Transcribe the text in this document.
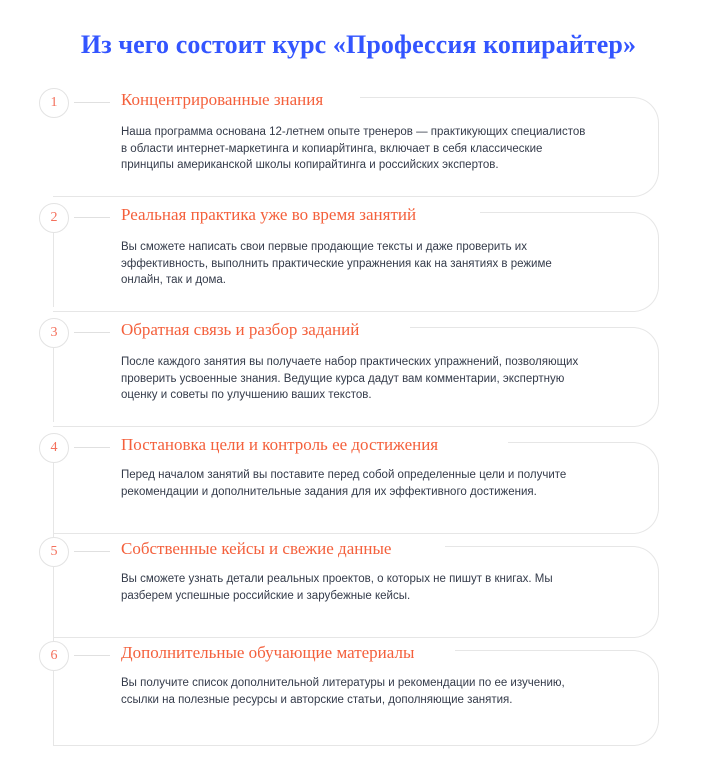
Из чего состоит курс «Профессия копирайтер»
1	Концентрированные знания
Наша программа основана 12-летнем опыте тренеров — практикующих специалистов в области интернет-маркетинга и копиарйтинга, включает в себя классические принципы американской школы копирайтинга и российских экспертов.
2	Реальная практика уже во время занятий
Вы сможете написать свои первые продающие тексты и даже проверить их эффективность, выполнить практические упражнения как на занятиях в режиме онлайн, так и дома.
3	Обратная связь и разбор заданий
После каждого занятия вы получаете набор практических упражнений, позволяющих проверить усвоенные знания. Ведущие курса дадут вам комментарии, экспертную оценку и советы по улучшению ваших текстов.
4	Постановка цели и контроль ее достижения
Перед началом занятий вы поставите перед собой определенные цели и получите рекомендации и дополнительные задания для их эффективного достижения.
5	Собственные кейсы и свежие данные
Вы сможете узнать детали реальных проектов, о которых не пишут в книгах. Мы разберем успешные российские и зарубежные кейсы.
6	Дополнительные обучающие материалы
Вы получите список дополнительной литературы и рекомендации по ее изучению, ссылки на полезные ресурсы и авторские статьи, дополняющие занятия.
